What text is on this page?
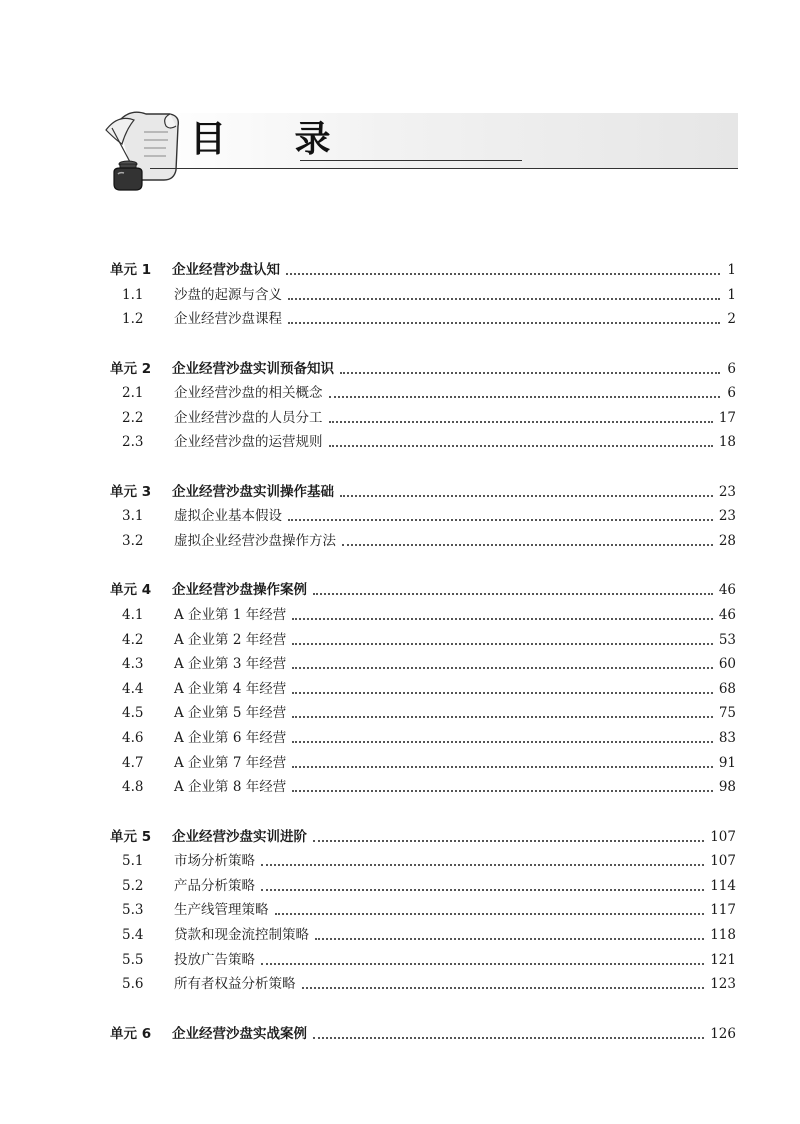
目 录
单元 1	企业经营沙盘认知	1
1.1	沙盘的起源与含义	1
1.2	企业经营沙盘课程	2
单元 2	企业经营沙盘实训预备知识	6
2.1	企业经营沙盘的相关概念	6
2.2	企业经营沙盘的人员分工	17
2.3	企业经营沙盘的运营规则	18
单元 3	企业经营沙盘实训操作基础	23
3.1	虚拟企业基本假设	23
3.2	虚拟企业经营沙盘操作方法	28
单元 4	企业经营沙盘操作案例	46
4.1	A 企业第 1 年经营	46
4.2	A 企业第 2 年经营	53
4.3	A 企业第 3 年经营	60
4.4	A 企业第 4 年经营	68
4.5	A 企业第 5 年经营	75
4.6	A 企业第 6 年经营	83
4.7	A 企业第 7 年经营	91
4.8	A 企业第 8 年经营	98
单元 5	企业经营沙盘实训进阶	107
5.1	市场分析策略	107
5.2	产品分析策略	114
5.3	生产线管理策略	117
5.4	贷款和现金流控制策略	118
5.5	投放广告策略	121
5.6	所有者权益分析策略	123
单元 6	企业经营沙盘实战案例	126
